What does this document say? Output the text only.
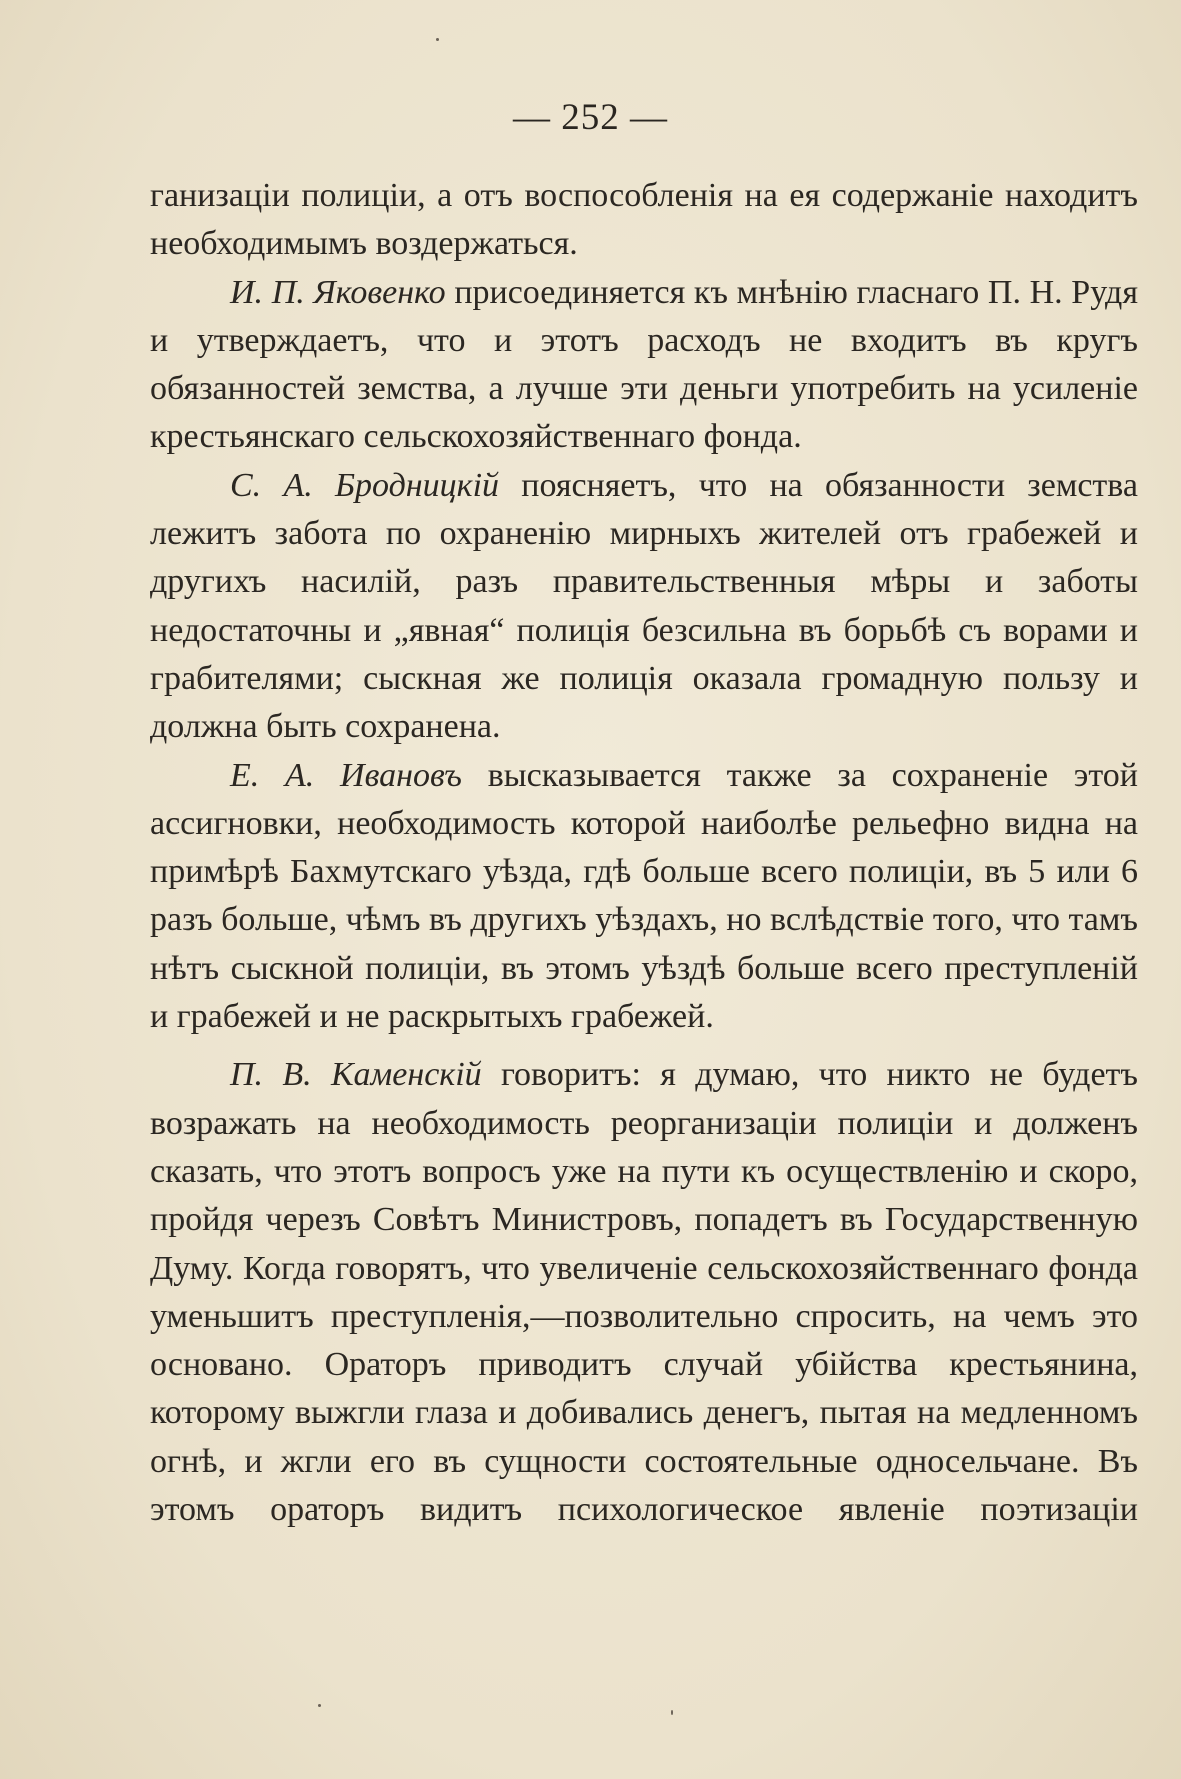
— 252 —

ганизаціи полиціи, а отъ воспособленія на ея содержаніе находитъ необходимымъ воздержаться.

И. П. Яковенко присоединяется къ мнѣнію гласнаго П. Н. Рудя и утверждаетъ, что и этотъ расходъ не входитъ въ кругъ обязанностей земства, а лучше эти деньги употребить на усиленіе крестьянскаго сельскохозяйственнаго фонда.

С. А. Бродницкій поясняетъ, что на обязанности земства лежитъ забота по охраненію мирныхъ жителей отъ грабежей и другихъ насилій, разъ правительственныя мѣры и заботы недостаточны и „явная“ полиція безсильна въ борьбѣ съ ворами и грабителями; сыскная же полиція оказала громадную пользу и должна быть сохранена.

Е. А. Ивановъ высказывается также за сохраненіе этой ассигновки, необходимость которой наиболѣе рельефно видна на примѣрѣ Бахмутскаго уѣзда, гдѣ больше всего полиціи, въ 5 или 6 разъ больше, чѣмъ въ другихъ уѣздахъ, но вслѣдствіе того, что тамъ нѣтъ сыскной полиціи, въ этомъ уѣздѣ больше всего преступленій и грабежей и не раскрытыхъ грабежей.

П. В. Каменскій говоритъ: я думаю, что никто не будетъ возражать на необходимость реорганизаціи полиціи и долженъ сказать, что этотъ вопросъ уже на пути къ осуществленію и скоро, пройдя черезъ Совѣтъ Министровъ, попадетъ въ Государственную Думу. Когда говорятъ, что увеличеніе сельскохозяйственнаго фонда уменьшитъ преступленія,—позволительно спросить, на чемъ это основано. Ораторъ приводитъ случай убійства крестьянина, которому выжгли глаза и добивались денегъ, пытая на медленномъ огнѣ, и жгли его въ сущности состоятельные односельчане. Въ этомъ ораторъ видитъ психологическое явленіе поэтизаціи
